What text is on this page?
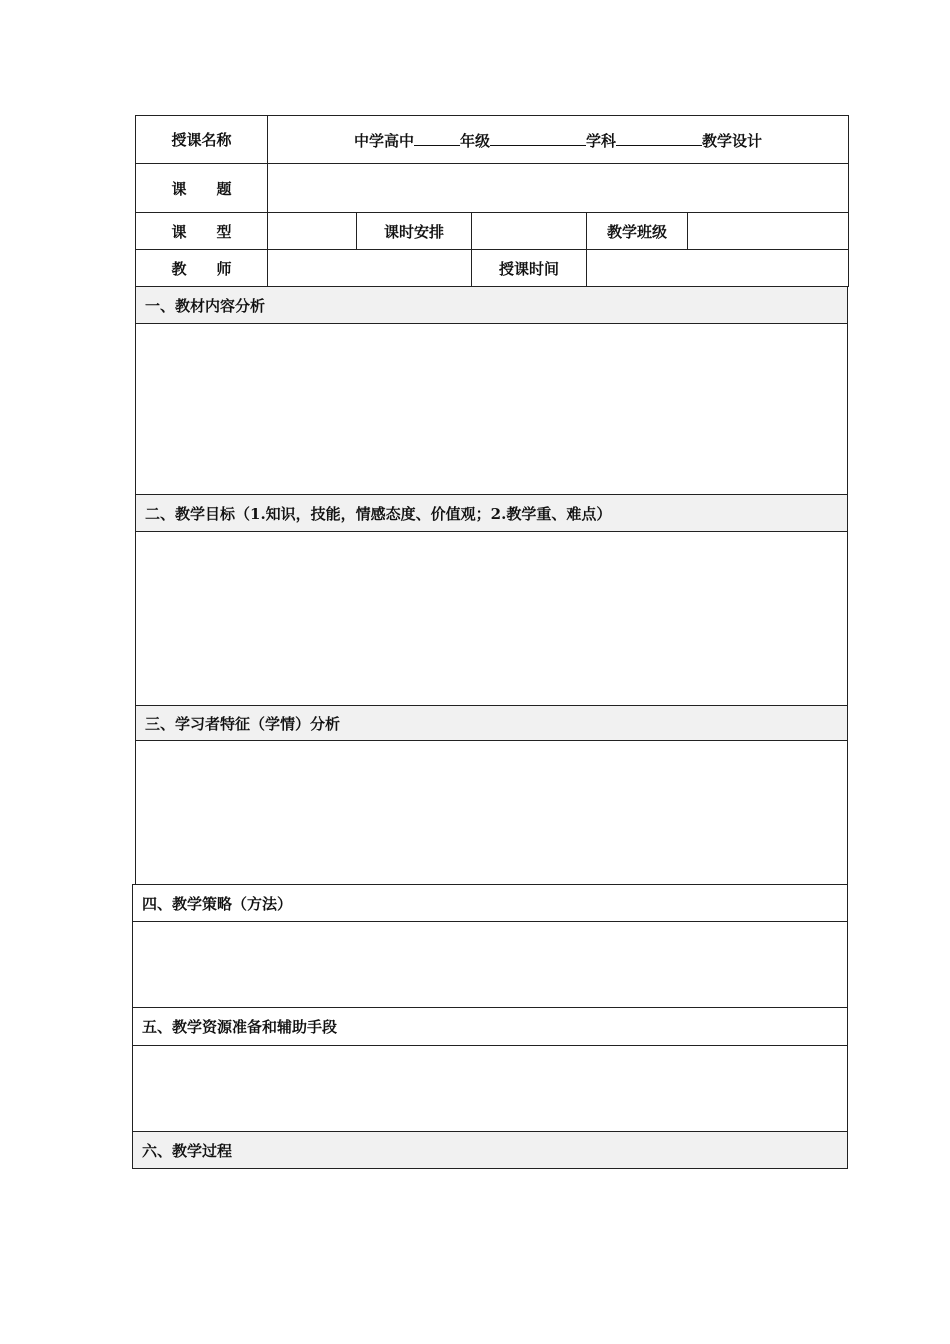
授课名称	中学高中 年级 学科 教学设计				
课　　题					
课　　型		课时安排		教学班级	
教　　师			授课时间		
一、教材内容分析
二、教学目标（1.知识，技能，情感态度、价值观；2.教学重、难点）
三、学习者特征（学情）分析
四、教学策略（方法）
五、教学资源准备和辅助手段
六、教学过程
